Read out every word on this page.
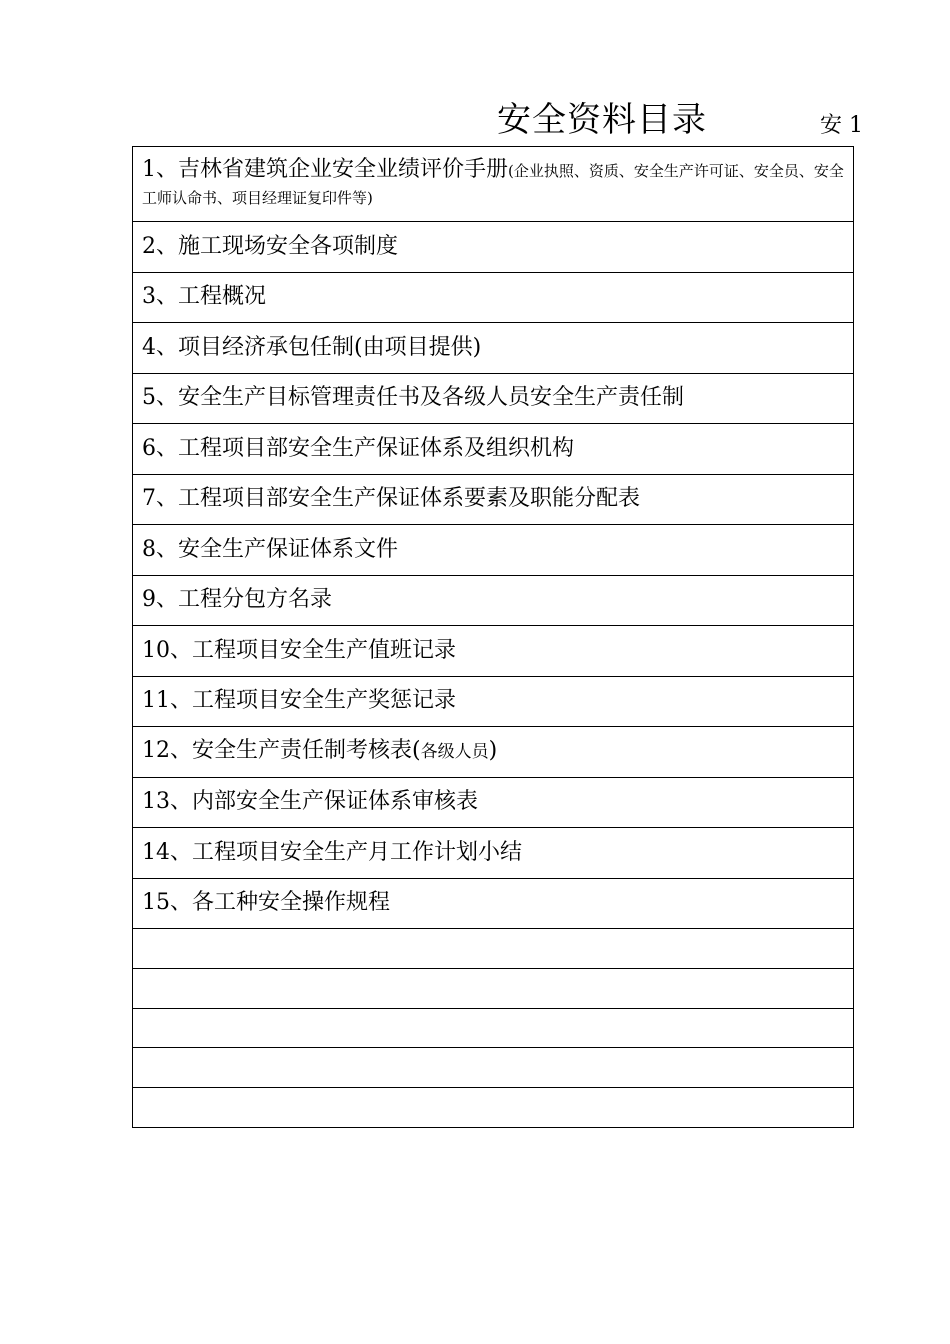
安全资料目录	安 1
1、吉林省建筑企业安全业绩评价手册(企业执照、资质、安全生产许可证、安全员、安全工师认命书、项目经理证复印件等)
2、施工现场安全各项制度
3、工程概况
4、项目经济承包任制(由项目提供)
5、安全生产目标管理责任书及各级人员安全生产责任制
6、工程项目部安全生产保证体系及组织机构
7、工程项目部安全生产保证体系要素及职能分配表
8、安全生产保证体系文件
9、工程分包方名录
10、工程项目安全生产值班记录
11、工程项目安全生产奖惩记录
12、安全生产责任制考核表(各级人员)
13、内部安全生产保证体系审核表
14、工程项目安全生产月工作计划小结
15、各工种安全操作规程
